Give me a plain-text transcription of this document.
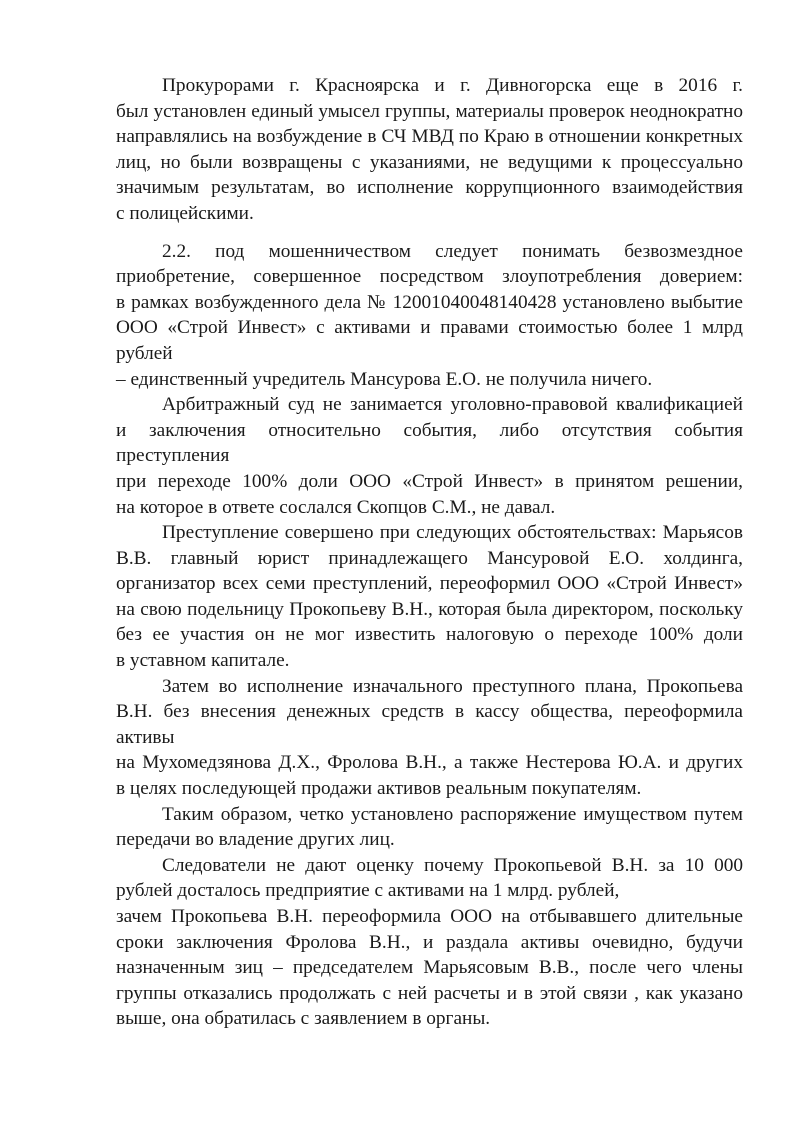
Прокурорами г. Красноярска и г. Дивногорска еще в 2016 г.
был установлен единый умысел группы, материалы проверок неоднократно
направлялись на возбуждение в СЧ МВД по Краю в отношении конкретных
лиц, но были возвращены с указаниями, не ведущими к процессуально
значимым результатам, во исполнение коррупционного взаимодействия
с полицейскими.

2.2. под мошенничеством следует понимать безвозмездное
приобретение, совершенное посредством злоупотребления доверием:
в рамках возбужденного дела № 12001040048140428 установлено выбытие
ООО «Строй Инвест» с активами и правами стоимостью более 1 млрд рублей
– единственный учредитель Мансурова Е.О. не получила ничего.

Арбитражный суд не занимается уголовно-правовой квалификацией
и заключения относительно события, либо отсутствия события преступления
при переходе 100% доли ООО «Строй Инвест» в принятом решении,
на которое в ответе сослался Скопцов С.М., не давал.

Преступление совершено при следующих обстоятельствах: Марьясов
В.В. главный юрист принадлежащего Мансуровой Е.О. холдинга,
организатор всех семи преступлений, переоформил ООО «Строй Инвест»
на свою подельницу Прокопьеву В.Н., которая была директором, поскольку
без ее участия он не мог известить налоговую о переходе 100% доли
в уставном капитале.

Затем во исполнение изначального преступного плана, Прокопьева
В.Н. без внесения денежных средств в кассу общества, переоформила активы
на Мухомедзянова Д.Х., Фролова В.Н., а также Нестерова Ю.А. и других
в целях последующей продажи активов реальным покупателям.

Таким образом, четко установлено распоряжение имуществом путем
передачи во владение других лиц.

Следователи не дают оценку почему Прокопьевой В.Н. за 10 000
рублей досталось предприятие с активами на 1 млрд. рублей,

зачем Прокопьева В.Н. переоформила ООО на отбывавшего длительные
сроки заключения Фролова В.Н., и раздала активы очевидно, будучи
назначенным зиц – председателем Марьясовым В.В., после чего члены
группы отказались продолжать с ней расчеты и в этой связи , как указано
выше, она обратилась с заявлением в органы.
